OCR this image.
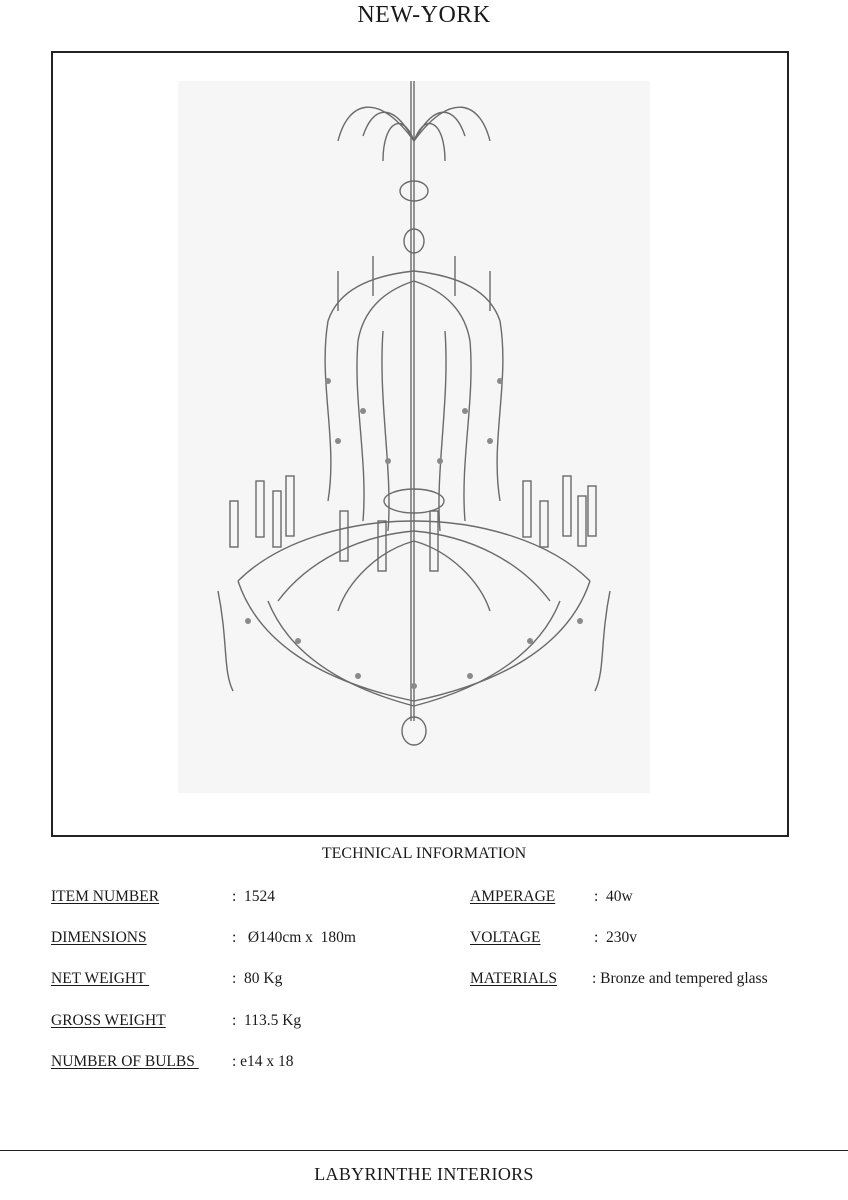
NEW-YORK
TECHNICAL INFORMATION
ITEM NUMBER	:  1524
DIMENSIONS	:   Ø140cm x  180m
NET WEIGHT	:  80 Kg
GROSS WEIGHT	:  113.5 Kg
NUMBER OF BULBS : e14 x 18
AMPERAGE :  40w
VOLTAGE	:  230v
MATERIALS : Bronze and tempered glass
LABYRINTHE INTERIORS
